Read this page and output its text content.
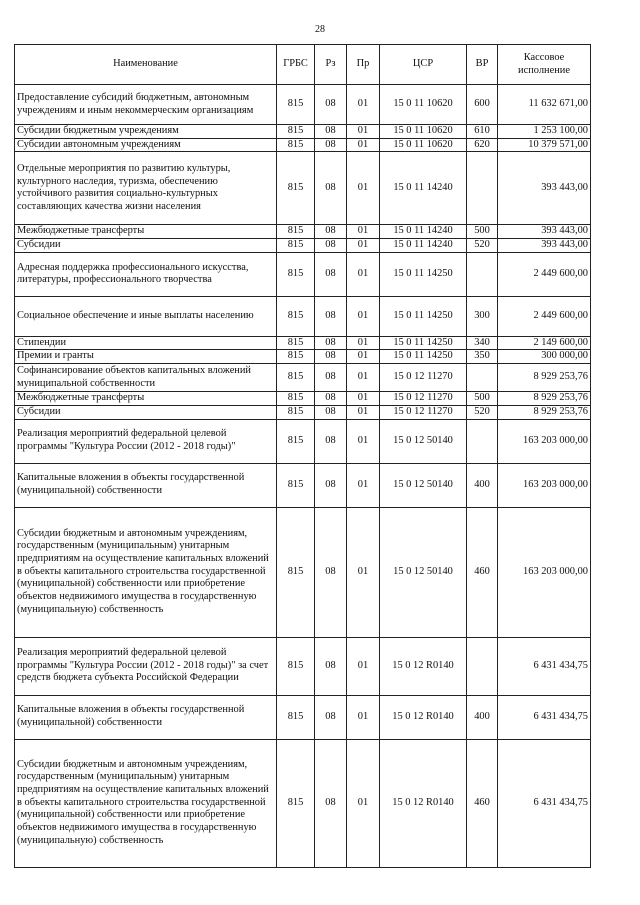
28
Наименование	ГРБС	Рз	Пр	ЦСР	ВР	Кассовое исполнение
Предоставление субсидий бюджетным, автономным учреждениям и иным некоммерческим организациям	815	08	01	15 0 11 10620	600	11 632 671,00
Субсидии бюджетным учреждениям	815	08	01	15 0 11 10620	610	1 253 100,00
Субсидии автономным учреждениям	815	08	01	15 0 11 10620	620	10 379 571,00
Отдельные мероприятия по развитию культуры, культурного наследия, туризма, обеспечению устойчивого развития социально-культурных составляющих качества жизни населения	815	08	01	15 0 11 14240		393 443,00
Межбюджетные трансферты	815	08	01	15 0 11 14240	500	393 443,00
Субсидии	815	08	01	15 0 11 14240	520	393 443,00
Адресная поддержка профессионального искусства, литературы, профессионального творчества	815	08	01	15 0 11 14250		2 449 600,00
Социальное обеспечение и иные выплаты населению	815	08	01	15 0 11 14250	300	2 449 600,00
Стипендии	815	08	01	15 0 11 14250	340	2 149 600,00
Премии и гранты	815	08	01	15 0 11 14250	350	300 000,00
Софинансирование объектов капитальных вложений муниципальной собственности	815	08	01	15 0 12 11270		8 929 253,76
Межбюджетные трансферты	815	08	01	15 0 12 11270	500	8 929 253,76
Субсидии	815	08	01	15 0 12 11270	520	8 929 253,76
Реализация мероприятий федеральной целевой программы "Культура России (2012 - 2018 годы)"	815	08	01	15 0 12 50140		163 203 000,00
Капитальные вложения в объекты государственной (муниципальной) собственности	815	08	01	15 0 12 50140	400	163 203 000,00
Субсидии бюджетным и автономным учреждениям, государственным (муниципальным) унитарным предприятиям на осуществление капитальных вложений в объекты капитального строительства государственной (муниципальной) собственности или приобретение объектов недвижимого имущества в государственную (муниципальную) собственность	815	08	01	15 0 12 50140	460	163 203 000,00
Реализация мероприятий федеральной целевой программы "Культура России (2012 - 2018 годы)" за счет средств бюджета субъекта Российской Федерации	815	08	01	15 0 12 R0140		6 431 434,75
Капитальные вложения в объекты государственной (муниципальной) собственности	815	08	01	15 0 12 R0140	400	6 431 434,75
Субсидии бюджетным и автономным учреждениям, государственным (муниципальным) унитарным предприятиям на осуществление капитальных вложений в объекты капитального строительства государственной (муниципальной) собственности или приобретение объектов недвижимого имущества в государственную (муниципальную) собственность	815	08	01	15 0 12 R0140	460	6 431 434,75
